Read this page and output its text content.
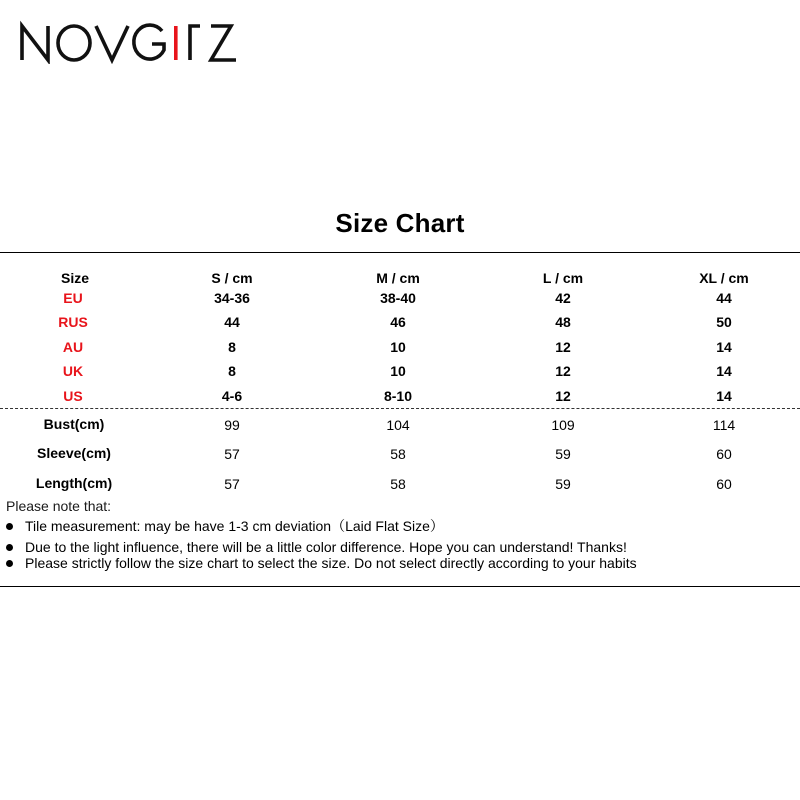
Size Chart
Size	S / cm	M / cm	L / cm	XL / cm
EU	34-36	38-40	42	44
RUS	44	46	48	50
AU	8	10	12	14
UK	8	10	12	14
US	4-6	8-10	12	14
Bust(cm)	99	104	109	114
Sleeve(cm)	57	58	59	60
Length(cm)	57	58	59	60
Please note that:
Tile measurement: may be have 1-3 cm deviation（Laid Flat Size）
Due to the light influence, there will be a little color difference. Hope you can understand! Thanks!
Please strictly follow the size chart to select the size. Do not select directly according to your habits
